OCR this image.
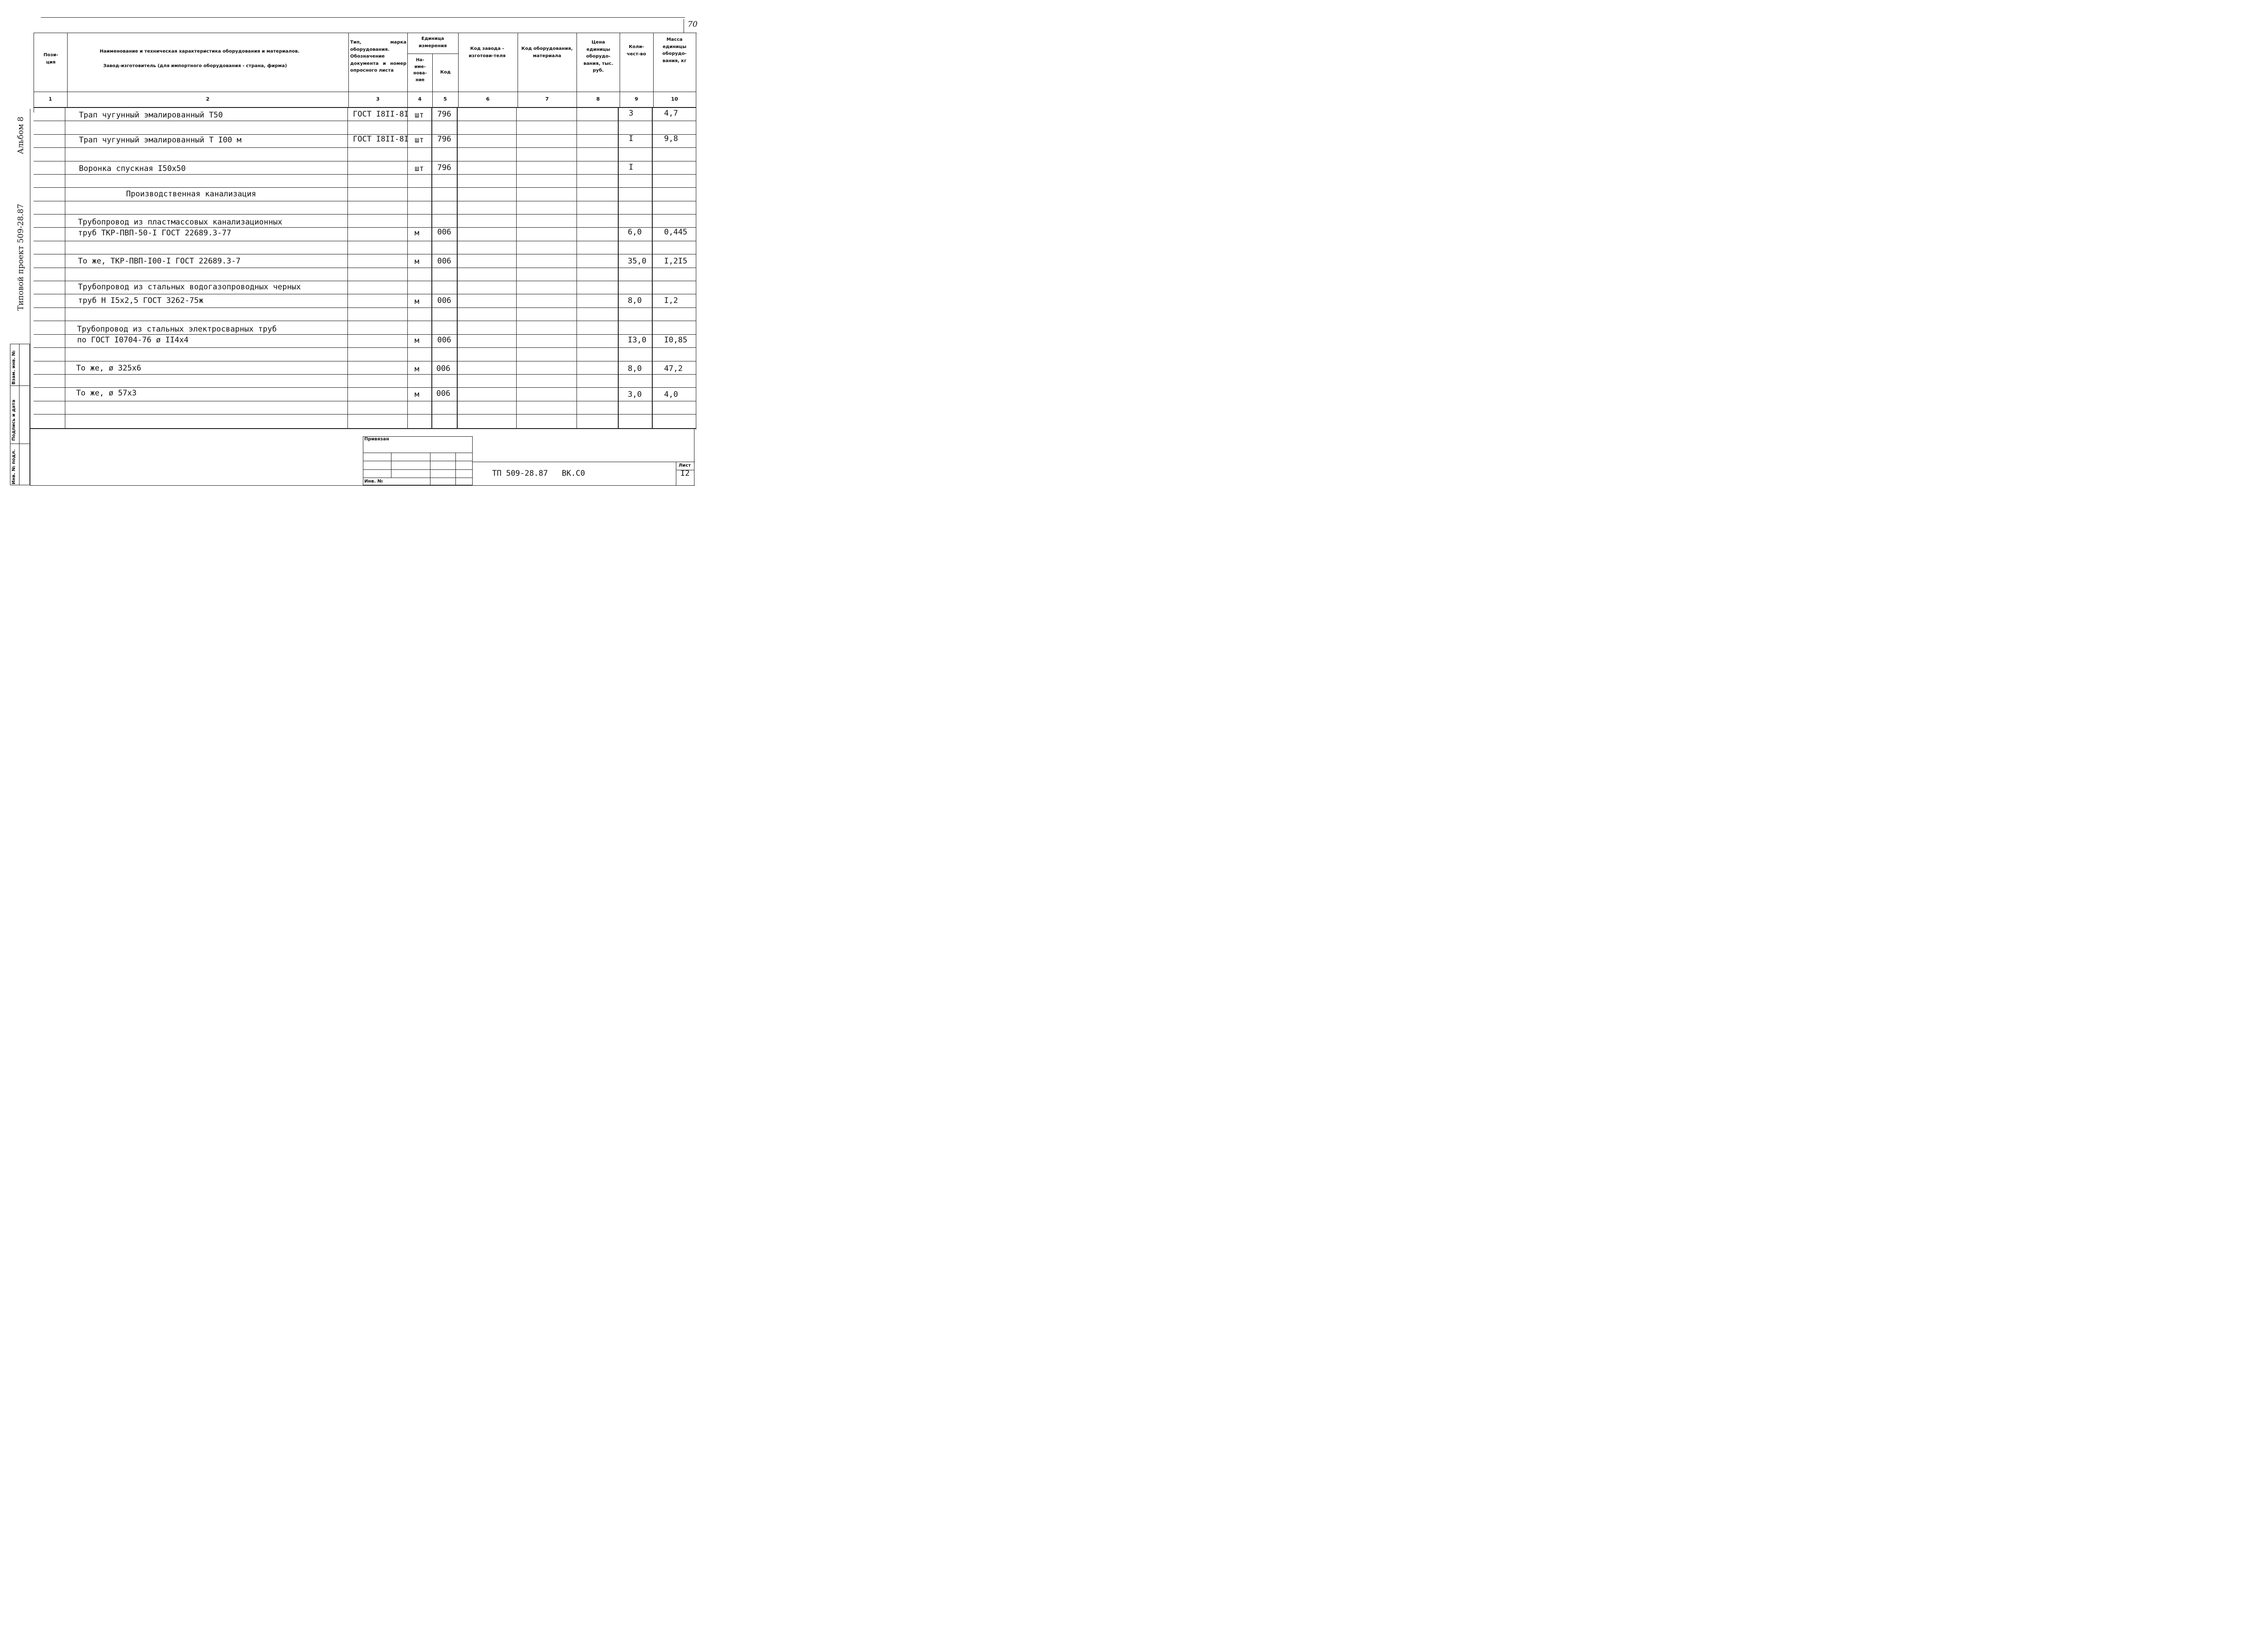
70
Альбом 8
Типовой проект 509-28.87
Взам. инв. №
Подпись и дата
Инв. № подл.
Пози-ция
Наименование и техническая характеристика оборудования и материалов.
Завод-изготовитель (для импортного оборудования - страна, фирма)
Тип, марка оборудования. Обозначение документа и номер опросного листа
Единица измерения
На-име-нова-ние
Код
Код завода - изготови-теля
Код оборудования, материала
Цена единицы оборудо-вания, тыс. руб.
Коли-чест-во
Масса единицы оборудо-вания, кг
1	2	3	4	5	6	7	8	9	10
Трап чугунный эмалированный Т50	ГОСТ I8II-8I шт 796	3	4,7
Трап чугунный эмалированный Т I00 м	ГОСТ I8II-8I шт 796	I	9,8
Воронка спускная I50x50	шт 796	I
Производственная канализация
Трубопровод из пластмассовых канализационных
труб ТКР-ПВП-50-I ГОСТ 22689.3-77	м 006	6,0	0,445
То же, ТКР-ПВП-I00-I ГОСТ 22689.3-7	м 006	35,0 I,2I5
Трубопровод из стальных водогазопроводных черных
труб Н I5x2,5 ГОСТ 3262-75ж	м 006	8,0	I,2
Трубопровод из стальных электросварных труб
по ГОСТ I0704-76 ø II4x4	м 006	I3,0 I0,85
То же, ø 325x6	м 006	8,0	47,2
То же, ø 57x3	м 006	3,0	4,0
Привязан
Инв. №
ТП 509-28.87   ВК.С0
Лист
I2
